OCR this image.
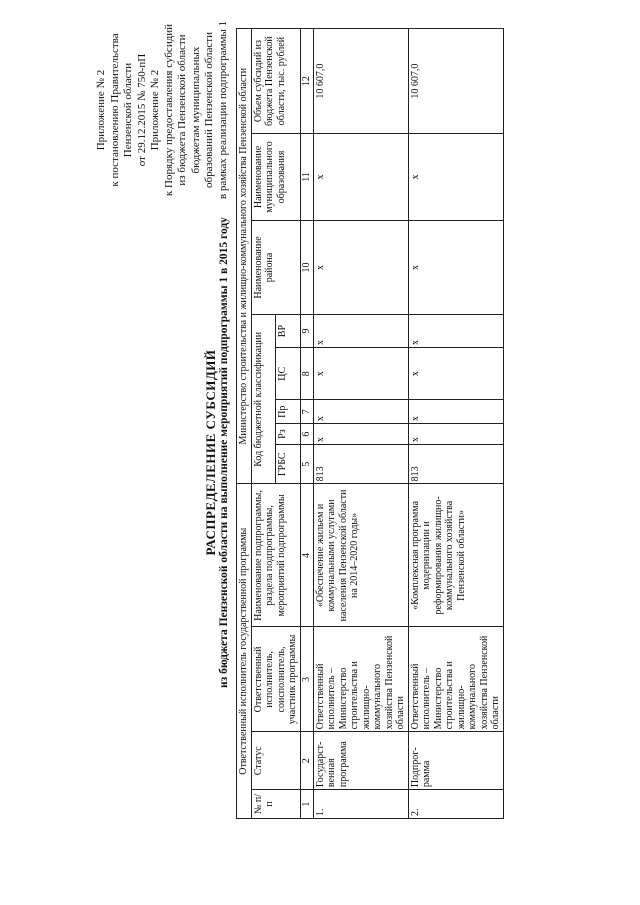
Приложение № 2 к постановлению Правительства Пензенской области от 29.12.2015 № 750-пП Приложение № 2 к Порядку предоставления субсидий из бюджета Пензенской области бюджетам муниципальных образований Пензенской области в рамках реализации подпрограммы 1
РАСПРЕДЕЛЕНИЕ СУБСИДИЙ из бюджета Пензенской области на выполнение мероприятий подпрограммы 1 в 2015 году Ответственный исполнитель государственной программы				Министерство строительства и жилищно-коммунального хозяйства Пензенской области							
№ п/п	Статус	Ответственный исполнитель, соисполнитель, участник программы	Наименование подпрограммы, раздела подпрограммы, мероприятий подпрограммы	Код бюджетной классификации					Наименование района	Наименование муниципального образования	Объем субсидий из бюджета Пензенской области, тыс. рублей
				ГРБС	Рз	Пр	ЦС	ВР			
1	2	3	4	5	6	7	8	9	10	11	12
1.	Государст-венная программа	Ответственный исполнитель – Министерство строительства и жилищно-коммунального хозяйства Пензенской области	«Обеспечение жильем и коммунальными услугами населения Пензенской области на 2014–2020 годы»	813	х	х	х	х	х	х	10 607,0
2.	Подпрог-рамма	Ответственный исполнитель – Министерство строительства и жилищно-коммунального хозяйства Пензенской области	«Комплексная программа модернизации и реформирования жилищно-коммунального хозяйства Пензенской области»	813	х	х	х	х	х	х	10 607,0
